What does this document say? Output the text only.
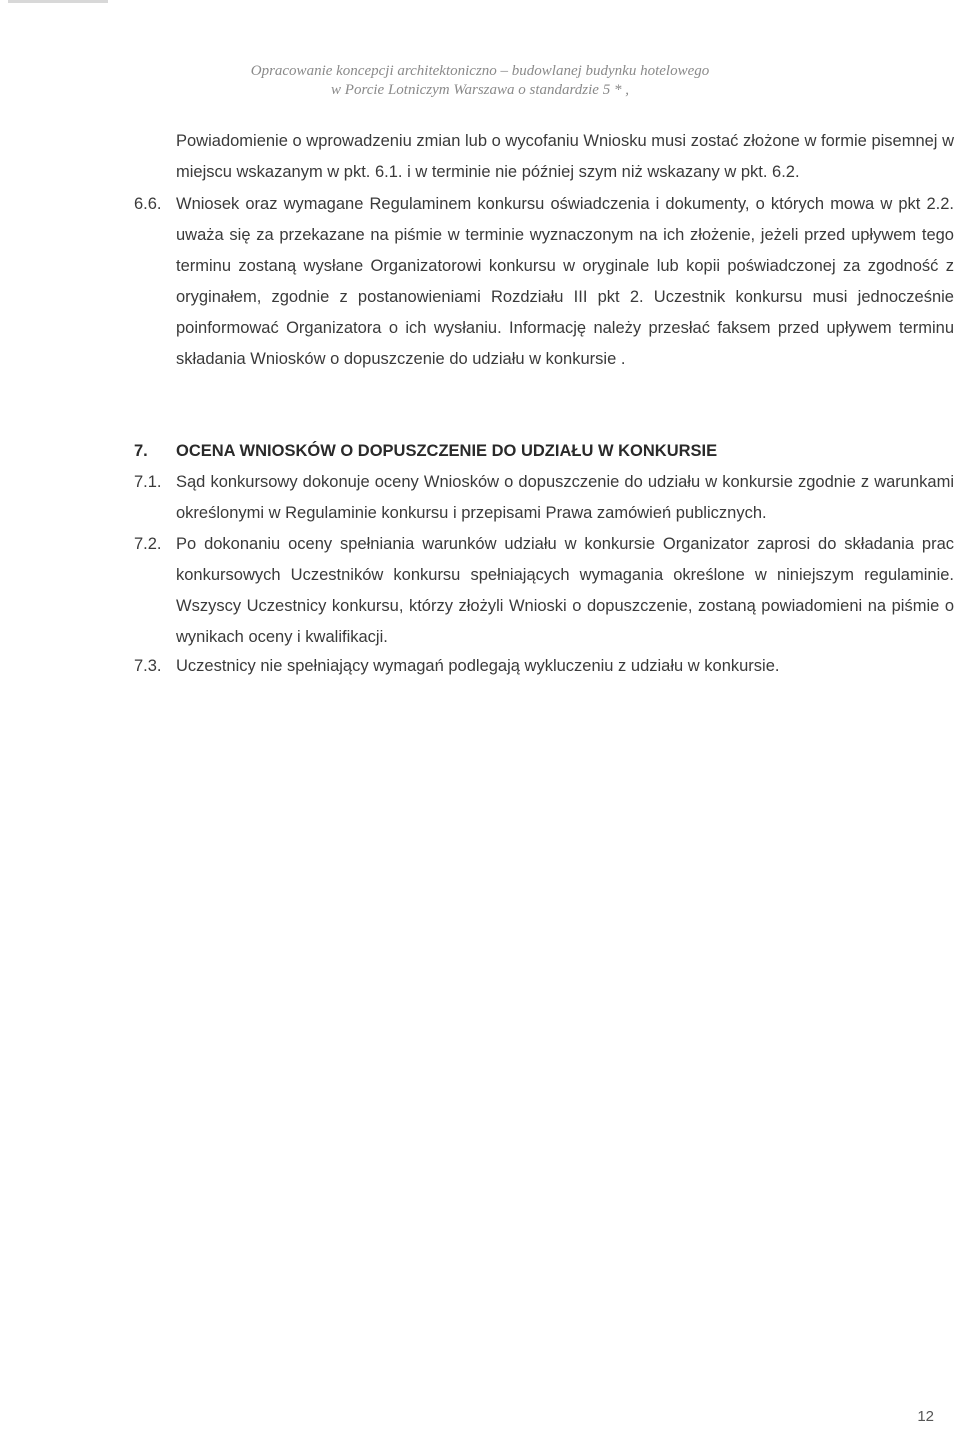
Opracowanie koncepcji architektoniczno – budowlanej budynku hotelowego
w Porcie Lotniczym Warszawa o standardzie 5 * ,
Powiadomienie o wprowadzeniu zmian lub o wycofaniu Wniosku musi zostać złożone w formie pisemnej w miejscu wskazanym w pkt. 6.1. i w terminie nie później szym niż wskazany w pkt. 6.2.
6.6. Wniosek oraz wymagane Regulaminem konkursu oświadczenia i dokumenty, o których mowa w pkt 2.2. uważa się za przekazane na piśmie w terminie wyznaczonym na ich złożenie, jeżeli przed upływem tego terminu zostaną wysłane Organizatorowi konkursu w oryginale lub kopii poświadczonej za zgodność z oryginałem, zgodnie z postanowieniami Rozdziału III pkt 2. Uczestnik konkursu musi jednocześnie poinformować Organizatora o ich wysłaniu. Informację należy przesłać faksem przed upływem terminu składania Wniosków o dopuszczenie do udziału w konkursie .
7. OCENA WNIOSKÓW O DOPUSZCZENIE DO UDZIAŁU W KONKURSIE
7.1. Sąd konkursowy dokonuje oceny Wniosków o dopuszczenie do udziału w konkursie zgodnie z warunkami określonymi w Regulaminie konkursu i przepisami Prawa zamówień publicznych.
7.2. Po dokonaniu oceny spełniania warunków udziału w konkursie Organizator zaprosi do składania prac konkursowych Uczestników konkursu spełniających wymagania określone w niniejszym regulaminie. Wszyscy Uczestnicy konkursu, którzy złożyli Wnioski o dopuszczenie, zostaną powiadomieni na piśmie o wynikach oceny i kwalifikacji.
7.3. Uczestnicy nie spełniający wymagań podlegają wykluczeniu z udziału w konkursie.
12
